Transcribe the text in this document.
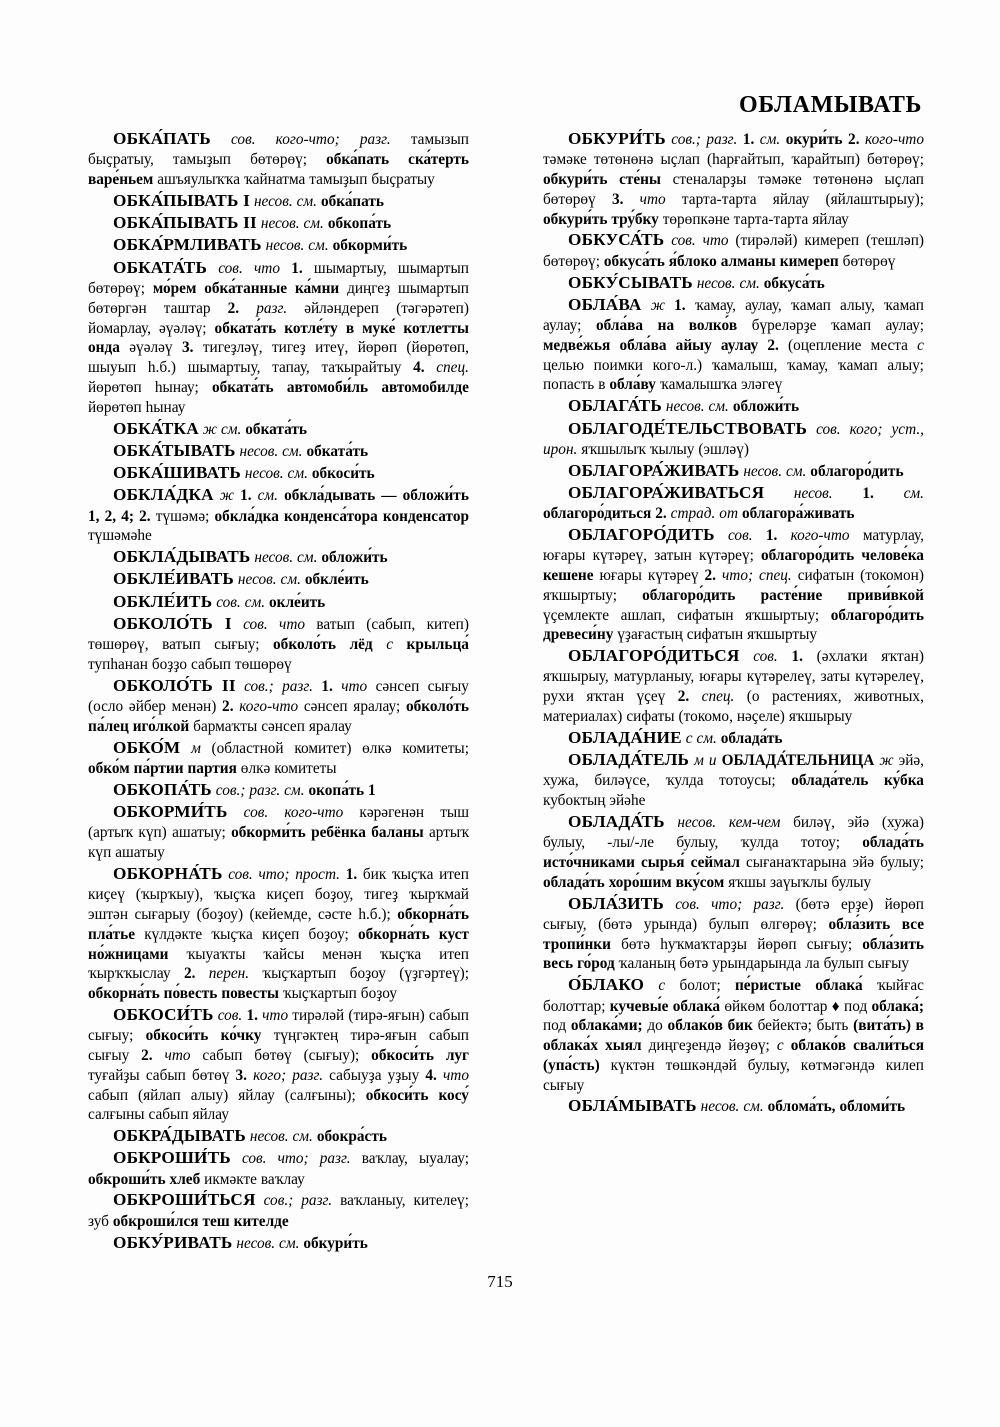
ОБЛАМЫВАТЬ

ОБКА́ПАТЬ сов. кого-что; разг. тамызып быҫратыу, тамыҙып бөтөрөү; обка́пать ска́терть варе́ньем ашъяулыҡҡа ҡайнатма тамыҙып быҫратыу

ОБКА́ПЫВАТЬ I несов. см. обка́пать

ОБКА́ПЫВАТЬ II несов. см. обкопа́ть

ОБКА́РМЛИВАТЬ несов. см. обкорми́ть

ОБКАТА́ТЬ сов. что 1. шымартыу, шымартып бөтөрөү; мо́рем обка́танные ка́мни диңгеҙ шымартып бөтөргән таштар 2. разг. әйләндереп (тәгәрәтеп) йомарлау, әүәләү; обката́ть котле́ту в муке́ котлетты онда әүәләү 3. тигеҙләү, тигеҙ итеү, йөрөп (йөрөтөп, шыуып һ.б.) шымартыу, тапау, таҡырайтыу 4. спец. йөрөтөп һынау; обката́ть автомоби́ль автомобилде йөрөтөп һынау

ОБКА́ТКА ж см. обката́ть

ОБКА́ТЫВАТЬ несов. см. обката́ть

ОБКА́ШИВАТЬ несов. см. обкоси́ть

ОБКЛА́ДКА ж 1. см. обкла́дывать — обложи́ть 1, 2, 4; 2. түшәмә; обкла́дка конденса́тора конденсатор түшәмәһе

ОБКЛА́ДЫВАТЬ несов. см. обложи́ть

ОБКЛЕ́ИВАТЬ несов. см. обкле́ить

ОБКЛЕ́ИТЬ сов. см. окле́ить

ОБКОЛО́ТЬ I сов. что ватып (сабып, китеп) төшөрөү, ватып сығыу; обколо́ть лёд с крыльца́ тупһанан боҙҙо сабып төшөрөү

ОБКОЛО́ТЬ II сов.; разг. 1. что сәнсеп сығыу (осло әйбер менән) 2. кого-что сәнсеп яралау; обколо́ть па́лец иго́лкой бармаҡты сәнсеп яралау

ОБКО́М м (областной комитет) өлкә комитеты; обко́м па́ртии партия өлкә комитеты

ОБКОПА́ТЬ сов.; разг. см. окопа́ть 1

ОБКОРМИ́ТЬ сов. кого-что кәрәгенән тыш (артыҡ күп) ашатыу; обкорми́ть ребёнка баланы артыҡ күп ашатыу

ОБКОРНА́ТЬ сов. что; прост. 1. бик ҡыҫҡа итеп киҫеү (ҡырҡыу), ҡыҫҡа киҫеп боҙоу, тигеҙ ҡырҡмай эштән сығарыу (боҙоу) (кейемде, сәсте һ.б.); обкорна́ть пла́тье күлдәкте ҡыҫҡа киҫеп боҙоу; обкорна́ть куст но́жницами ҡыуаҡты ҡайсы менән ҡыҫҡа итеп ҡырҡҡыслау 2. перен. ҡыҫҡартып боҙоу (үҙгәртеү); обкорна́ть по́весть повесты ҡыҫҡартып боҙоу

ОБКОСИ́ТЬ сов. 1. что тирәләй (тирә-яғын) сабып сығыу; обкоси́ть ко́чку түңгәктең тирә-яғын сабып сығыу 2. что сабып бөтөү (сығыу); обкоси́ть луг туғайҙы сабып бөтөү 3. кого; разг. сабыуҙа уҙыу 4. что сабып (яйлап алыу) яйлау (салғыны); обкоси́ть косу́ салғыны сабып яйлау

ОБКРА́ДЫВАТЬ несов. см. обокра́сть

ОБКРОШИ́ТЬ сов. что; разг. ваҡлау, ыуалау; обкроши́ть хлеб икмәкте ваҡлау

ОБКРОШИ́ТЬСЯ сов.; разг. ваҡланыу, кителеү; зуб обкроши́лся теш кителде

ОБКУ́РИВАТЬ несов. см. обкури́ть

ОБКУРИ́ТЬ сов.; разг. 1. см. окури́ть 2. кого-что тәмәке төтөнөнә ыҫлап (һарғайтып, ҡарайтып) бөтөрөү; обкури́ть сте́ны стеналарҙы тәмәке төтөнөнә ыҫлап бөтөрөү 3. что тарта-тарта яйлау (яйлаштырыу); обкури́ть тру́бку төрөпкәне тарта-тарта яйлау

ОБКУСА́ТЬ сов. что (тирәләй) кимереп (тешләп) бөтөрөү; обкуса́ть я́блоко алманы кимереп бөтөрөү

ОБКУ́СЫВАТЬ несов. см. обкуса́ть

ОБЛА́ВА ж 1. ҡамау, аулау, ҡамап алыу, ҡамап аулау; обла́ва на волко́в бүреләрҙе ҡамап аулау; медве́жья обла́ва айыу аулау 2. (оцепление места с целью поимки кого-л.) ҡамалыш, ҡамау, ҡамап алыу; попасть в обла́ву ҡамалышҡа эләгеү

ОБЛАГА́ТЬ несов. см. обложи́ть

ОБЛАГОДЕ́ТЕЛЬСТВОВАТЬ сов. кого; уст., ирон. яҡшылыҡ ҡылыу (эшләү)

ОБЛАГОРА́ЖИВАТЬ несов. см. облагоро́дить

ОБЛАГОРА́ЖИВАТЬСЯ несов. 1. см. облагоро́диться 2. страд. от облагора́живать

ОБЛАГОРО́ДИТЬ сов. 1. кого-что матурлау, юғары күтәреү, затын күтәреү; облагоро́дить челове́ка кешене юғары күтәреү 2. что; спец. сифатын (токомон) яҡшыртыу; облагоро́дить расте́ние приви́вкой үҫемлекте ашлап, сифатын яҡшыртыу; облагоро́дить древеси́ну үҙағастың сифатын яҡшыртыу

ОБЛАГОРО́ДИТЬСЯ сов. 1. (әхлаҡи яҡтан) яҡшырыу, матурланыу, юғары күтәрелеү, заты күтәрелеү, рухи яҡтан үҫеү 2. спец. (о растениях, животных, материалах) сифаты (токомо, нәҫеле) яҡшырыу

ОБЛАДА́НИЕ с см. облада́ть

ОБЛАДА́ТЕЛЬ м и ОБЛАДА́ТЕЛЬНИЦА ж эйә, хужа, биләүсе, ҡулда тотоусы; облада́тель ку́бка кубоктың эйәһе

ОБЛАДА́ТЬ несов. кем-чем биләү, эйә (хужа) булыу, -лы/-ле булыу, ҡулда тотоу; облада́ть исто́чниками сырья́ сеймал сығанаҡтарына эйә булыу; облада́ть хоро́шим вку́сом яҡшы заүыҡлы булыу

ОБЛА́ЗИТЬ сов. что; разг. (бөтә ерҙе) йөрөп сығыу, (бөтә урында) булып өлгөрөү; обла́зить все тропи́нки бөтә һуҡмаҡтарҙы йөрөп сығыу; обла́зить весь го́род ҡаланың бөтә урындарында ла булып сығыу

О́БЛАКО с болот; пе́ристые облака́ ҡыйғас болоттар; кучевы́е облака́ өйкөм болоттар ♦ под облака́; под облака́ми; до облако́в бик бейектә; быть (вита́ть) в облака́х хыял диңгеҙендә йөҙөү; с облако́в свали́ться (упа́сть) күктән төшкәндәй булыу, көтмәгәндә килеп сығыу

ОБЛА́МЫВАТЬ несов. см. облома́ть, обломи́ть

715
